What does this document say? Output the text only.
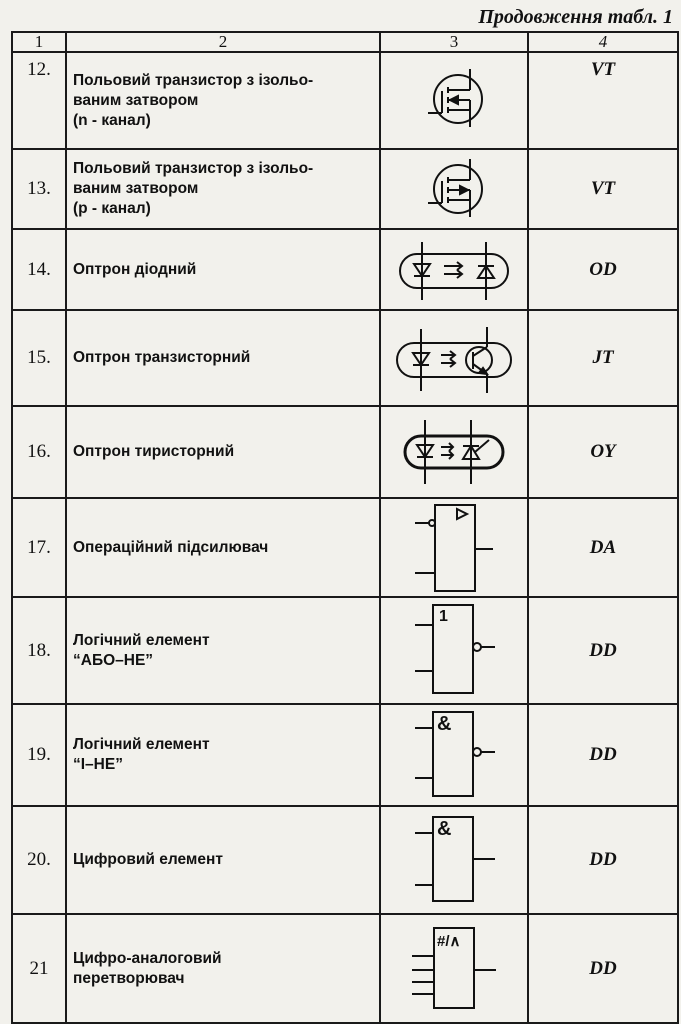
Продовження табл. 1
1	2	3	4
12.	Польовий транзистор з ізольо-
ваним затвором
(n - канал)		VT
13.	Польовий транзистор з ізольо-
ваним затвором
(p - канал)		VT
14.	Оптрон діодний		OD
15.	Оптрон транзисторний		JT
16.	Оптрон тиристорний		OY
17.	Операційний підсилювач		DA
18.	Логічний елемент
“АБО–НЕ”	1	DD
19.	Логічний елемент
“І–НЕ”	&	DD
20.	Цифровий елемент	&	DD
21	Цифро-аналоговий
перетворювач	#/∧	DD
